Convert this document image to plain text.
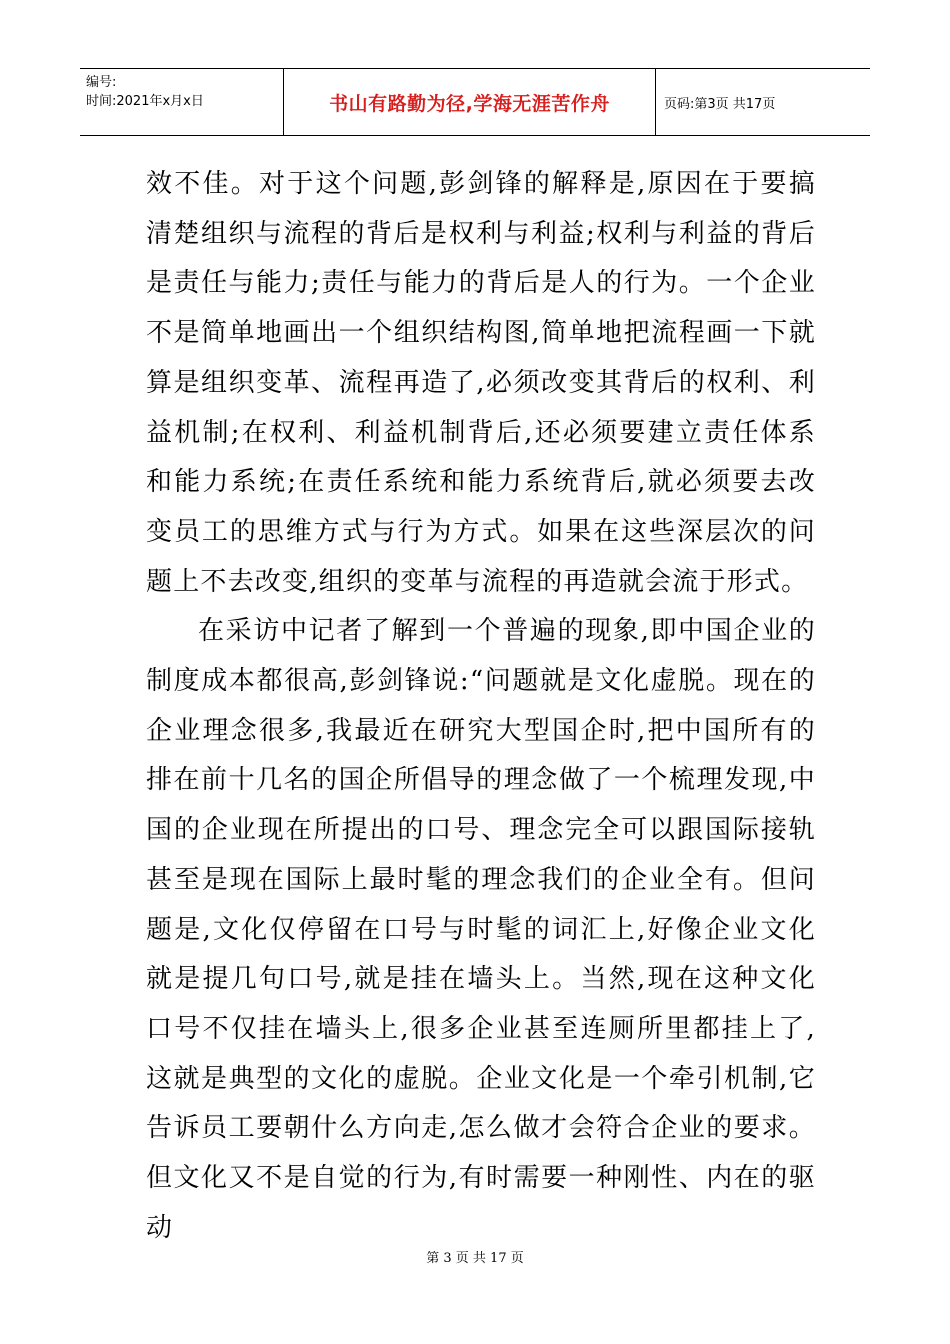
编号:
时间:2021年x月x日	书山有路勤为径,学海无涯苦作舟	页码:第3页 共17页

效不佳。对于这个问题,彭剑锋的解释是,原因在于要搞清楚组织与流程的背后是权利与利益;权利与利益的背后是责任与能力;责任与能力的背后是人的行为。一个企业不是简单地画出一个组织结构图,简单地把流程画一下就算是组织变革、流程再造了,必须改变其背后的权利、利益机制;在权利、利益机制背后,还必须要建立责任体系和能力系统;在责任系统和能力系统背后,就必须要去改变员工的思维方式与行为方式。如果在这些深层次的问题上不去改变,组织的变革与流程的再造就会流于形式。

在采访中记者了解到一个普遍的现象,即中国企业的制度成本都很高,彭剑锋说:“问题就是文化虚脱。现在的企业理念很多,我最近在研究大型国企时,把中国所有的排在前十几名的国企所倡导的理念做了一个梳理发现,中国的企业现在所提出的口号、理念完全可以跟国际接轨甚至是现在国际上最时髦的理念我们的企业全有。但问题是,文化仅停留在口号与时髦的词汇上,好像企业文化就是提几句口号,就是挂在墙头上。当然,现在这种文化口号不仅挂在墙头上,很多企业甚至连厕所里都挂上了,这就是典型的文化的虚脱。企业文化是一个牵引机制,它告诉员工要朝什么方向走,怎么做才会符合企业的要求。但文化又不是自觉的行为,有时需要一种刚性、内在的驱动

第 3 页 共 17 页
